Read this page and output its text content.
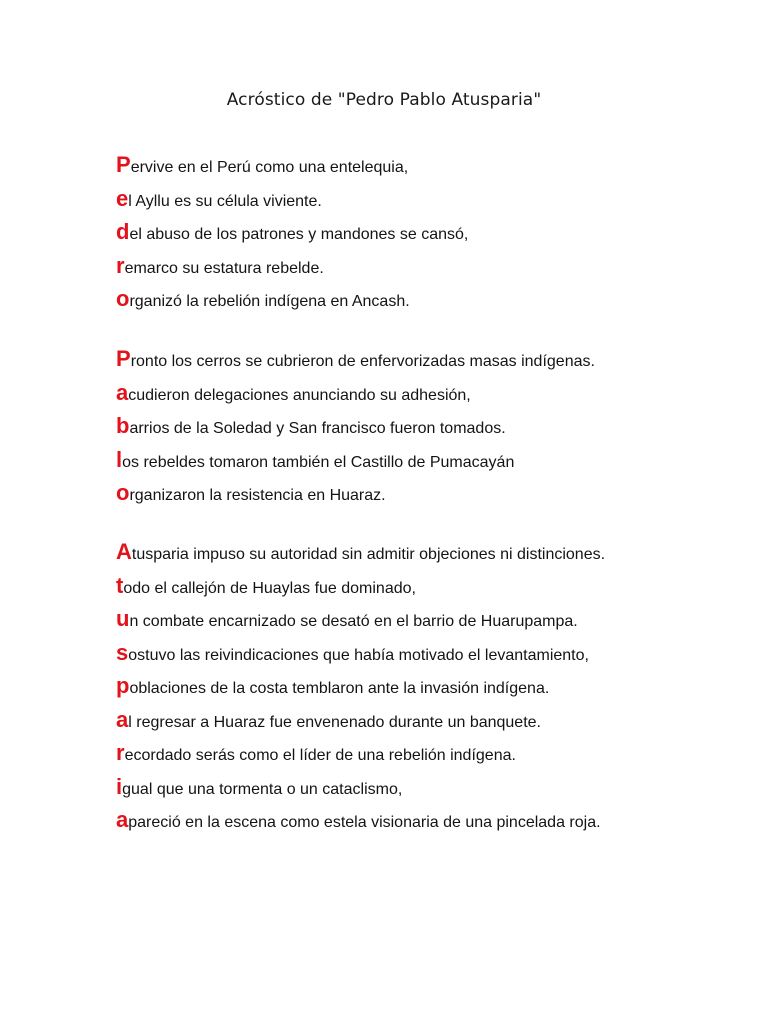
Acróstico de "Pedro Pablo Atusparia"
Pervive en el Perú como una entelequia,
el Ayllu es su célula viviente.
del abuso de los patrones y mandones se cansó,
remarco su estatura rebelde.
organizó la rebelión indígena en Ancash.
Pronto los cerros se cubrieron de enfervorizadas masas indígenas.
acudieron delegaciones anunciando su adhesión,
barrios de la Soledad y San francisco fueron tomados.
los rebeldes tomaron también el Castillo de Pumacayán
organizaron la resistencia en Huaraz.
Atusparia impuso su autoridad sin admitir objeciones ni distinciones.
todo el callejón de Huaylas fue dominado,
un combate encarnizado se desató en el barrio de Huarupampa.
sostuvo las reivindicaciones que había motivado el levantamiento,
poblaciones de la costa temblaron ante la invasión indígena.
al regresar a Huaraz fue envenenado durante un banquete.
recordado serás como el líder de una rebelión indígena.
igual que una tormenta o un cataclismo,
apareció en la escena como estela visionaria de una pincelada roja.
